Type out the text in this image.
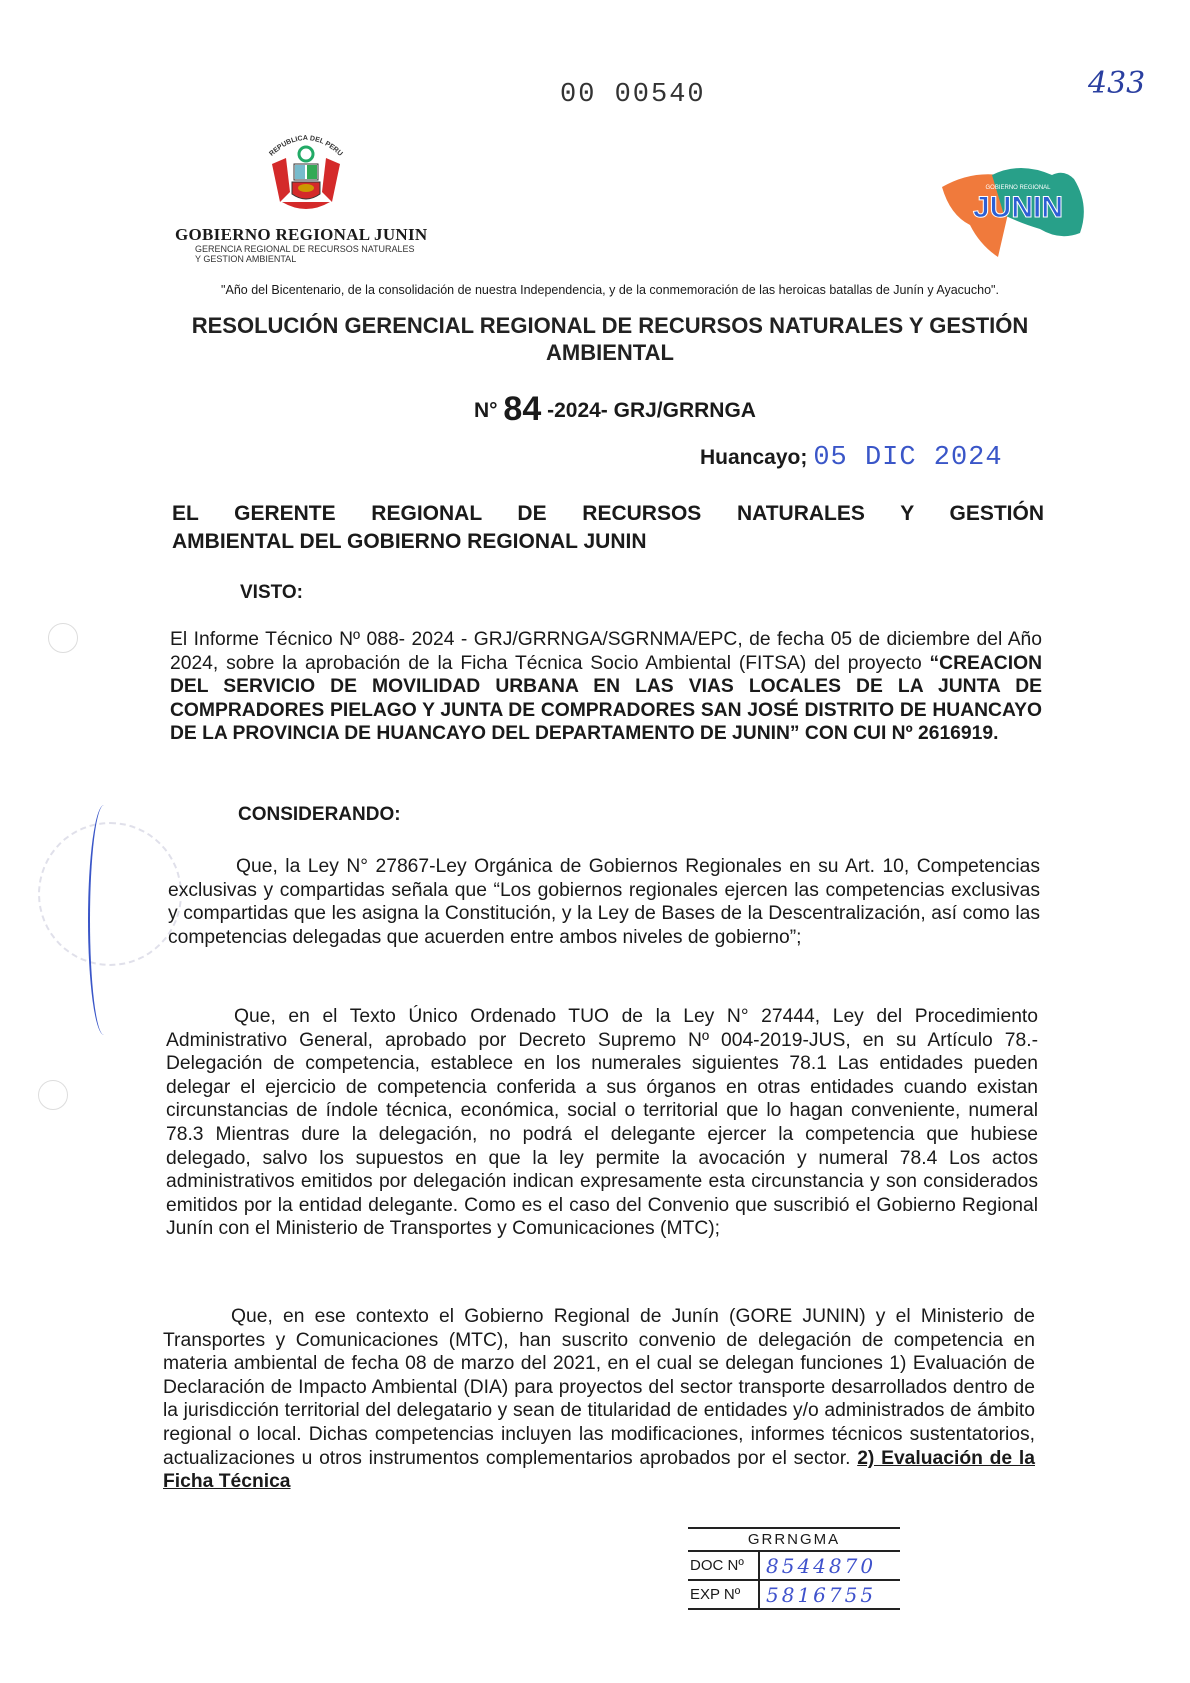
00 00540	433
REPUBLICA DEL PERU
GOBIERNO REGIONAL JUNIN
GERENCIA REGIONAL DE RECURSOS NATURALES
Y GESTION AMBIENTAL
JUNIN
GOBIERNO REGIONAL
"Año del Bicentenario, de la consolidación de nuestra Independencia, y de la conmemoración de las heroicas batallas de Junín y Ayacucho".
RESOLUCIÓN GERENCIAL REGIONAL DE RECURSOS NATURALES Y GESTIÓN AMBIENTAL
N° 84 -2024- GRJ/GRRNGA
Huancayo; 05 DIC 2024
EL GERENTE REGIONAL DE RECURSOS NATURALES Y GESTIÓN
AMBIENTAL DEL GOBIERNO REGIONAL JUNIN
VISTO:
El Informe Técnico Nº 088- 2024 - GRJ/GRRNGA/SGRNMA/EPC, de fecha 05 de diciembre del Año 2024, sobre la aprobación de la Ficha Técnica Socio Ambiental (FITSA) del proyecto “CREACION DEL SERVICIO DE MOVILIDAD URBANA EN LAS VIAS LOCALES DE LA JUNTA DE COMPRADORES PIELAGO Y JUNTA DE COMPRADORES SAN JOSÉ DISTRITO DE HUANCAYO DE LA PROVINCIA DE HUANCAYO DEL DEPARTAMENTO DE JUNIN” CON CUI Nº 2616919.
CONSIDERANDO:
Que, la Ley N° 27867-Ley Orgánica de Gobiernos Regionales en su Art. 10, Competencias exclusivas y compartidas señala que “Los gobiernos regionales ejercen las competencias exclusivas y compartidas que les asigna la Constitución, y la Ley de Bases de la Descentralización, así como las competencias delegadas que acuerden entre ambos niveles de gobierno”;
Que, en el Texto Único Ordenado TUO de la Ley N° 27444, Ley del Procedimiento Administrativo General, aprobado por Decreto Supremo Nº 004-2019-JUS, en su Artículo 78.- Delegación de competencia, establece en los numerales siguientes 78.1 Las entidades pueden delegar el ejercicio de competencia conferida a sus órganos en otras entidades cuando existan circunstancias de índole técnica, económica, social o territorial que lo hagan conveniente, numeral 78.3 Mientras dure la delegación, no podrá el delegante ejercer la competencia que hubiese delegado, salvo los supuestos en que la ley permite la avocación y numeral 78.4 Los actos administrativos emitidos por delegación indican expresamente esta circunstancia y son considerados emitidos por la entidad delegante. Como es el caso del Convenio que suscribió el Gobierno Regional Junín con el Ministerio de Transportes y Comunicaciones (MTC);
Que, en ese contexto el Gobierno Regional de Junín (GORE JUNIN) y el Ministerio de Transportes y Comunicaciones (MTC), han suscrito convenio de delegación de competencia en materia ambiental de fecha 08 de marzo del 2021, en el cual se delegan funciones 1) Evaluación de Declaración de Impacto Ambiental (DIA) para proyectos del sector transporte desarrollados dentro de la jurisdicción territorial del delegatario y sean de titularidad de entidades y/o administrados de ámbito regional o local. Dichas competencias incluyen las modificaciones, informes técnicos sustentatorios, actualizaciones u otros instrumentos complementarios aprobados por el sector. 2) Evaluación de la Ficha Técnica
GRRNGMA
DOC Nº	8544870
EXP Nº	5816755
